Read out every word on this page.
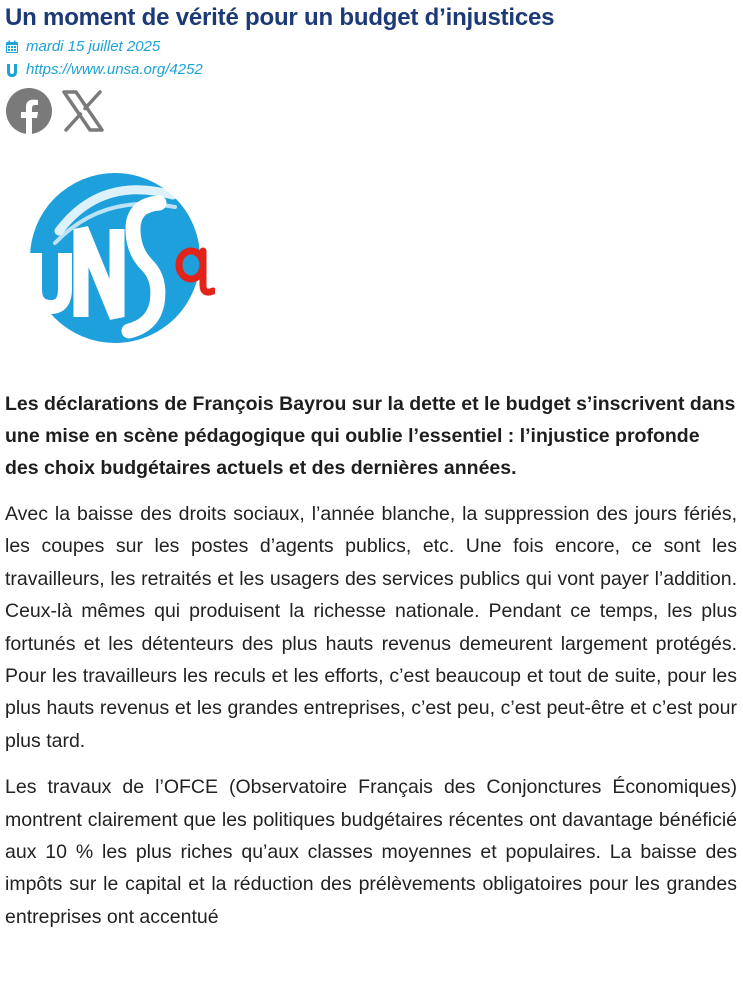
Un moment de vérité pour un budget d’injustices
mardi 15 juillet 2025
https://www.unsa.org/4252

Les déclarations de François Bayrou sur la dette et le budget s’inscrivent dans une mise en scène pédagogique qui oublie l’essentiel : l’injustice profonde des choix budgétaires actuels et des dernières années.

Avec la baisse des droits sociaux, l’année blanche, la suppression des jours fériés, les coupes sur les postes d’agents publics, etc. Une fois encore, ce sont les travailleurs, les retraités et les usagers des services publics qui vont payer l’addition. Ceux-là mêmes qui produisent la richesse nationale. Pendant ce temps, les plus fortunés et les détenteurs des plus hauts revenus demeurent largement protégés. Pour les travailleurs les reculs et les efforts, c’est beaucoup et tout de suite, pour les plus hauts revenus et les grandes entreprises, c’est peu, c’est peut-être et c’est pour plus tard.

Les travaux de l’OFCE (Observatoire Français des Conjonctures Économiques) montrent clairement que les politiques budgétaires récentes ont davantage bénéficié aux 10 % les plus riches qu’aux classes moyennes et populaires. La baisse des impôts sur le capital et la réduction des prélèvements obligatoires pour les grandes entreprises ont accentué
